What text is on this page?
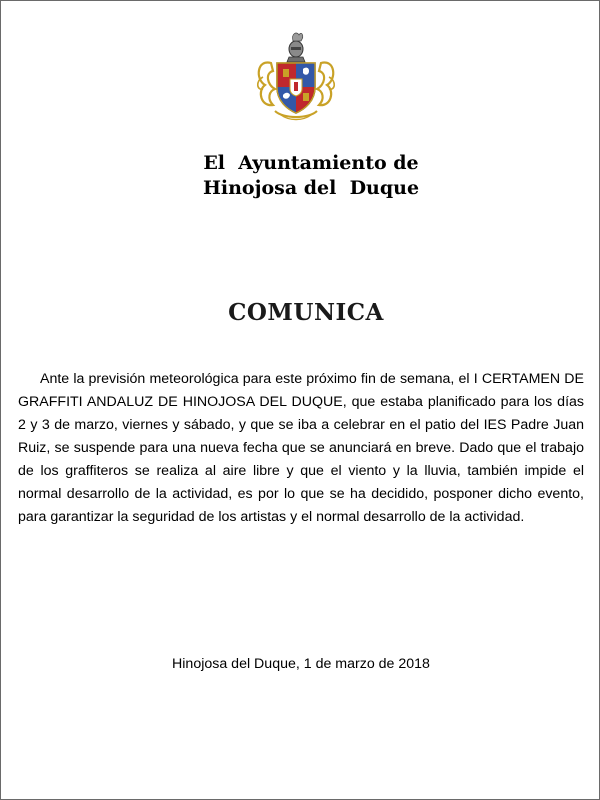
El  Ayuntamiento de
Hinojosa del  Duque
COMUNICA

Ante la previsión meteorológica para este próximo fin de semana, el I CERTAMEN DE GRAFFITI ANDALUZ DE HINOJOSA DEL DUQUE, que estaba planificado para los días 2 y 3 de marzo, viernes y sábado, y que se iba a celebrar en el patio del IES Padre Juan Ruiz, se suspende para una nueva fecha que se anunciará en breve. Dado que el trabajo de los graffiteros se realiza al aire libre y que el viento y la lluvia, también impide el normal desarrollo de la actividad, es por lo que se ha decidido, posponer dicho evento, para garantizar la seguridad de los artistas y el normal desarrollo de la actividad.

Hinojosa del Duque, 1 de marzo de 2018
